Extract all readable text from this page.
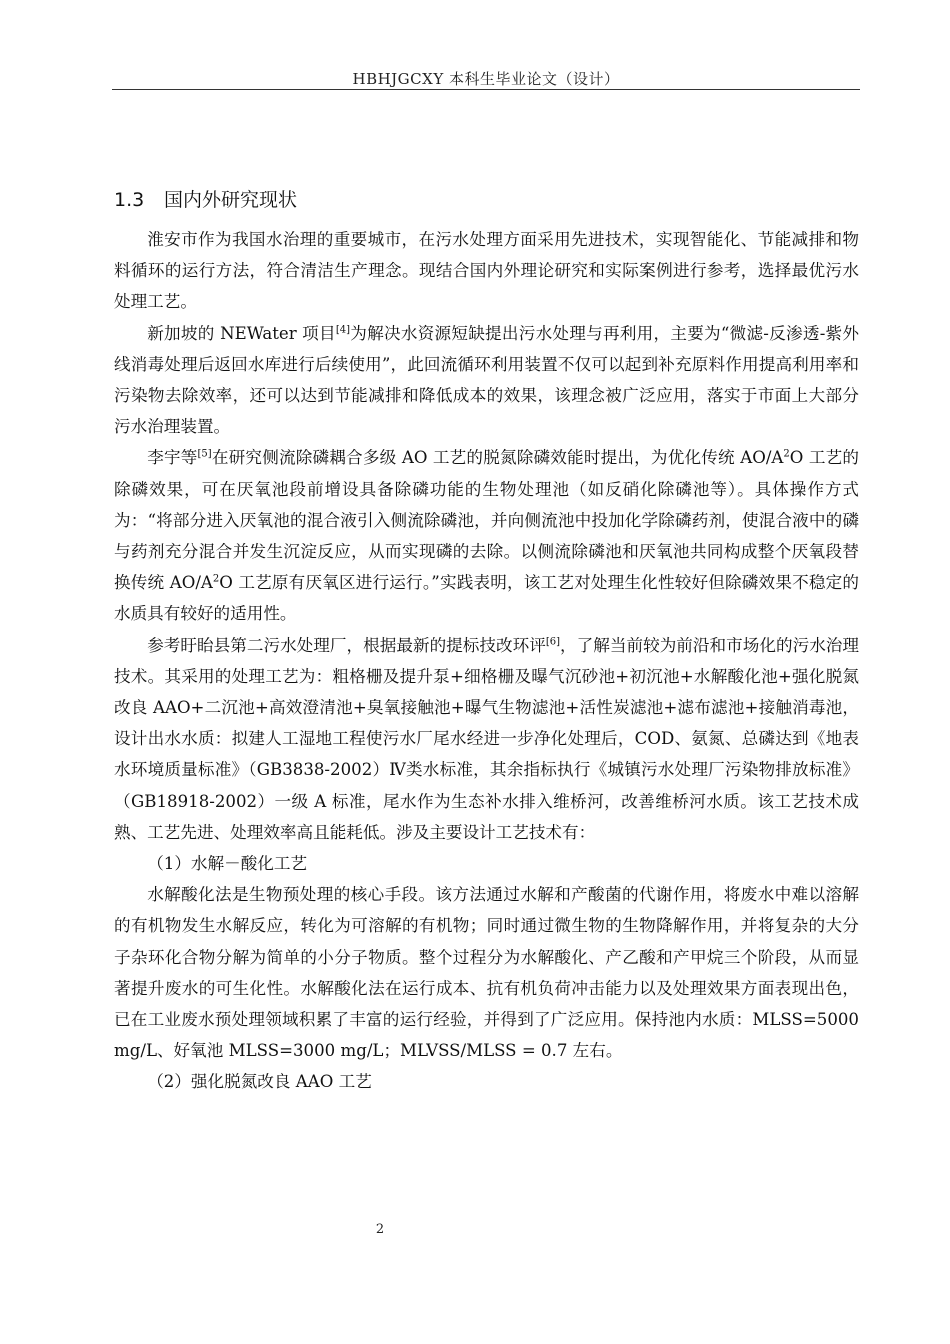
HBHJGCXY 本科生毕业论文（设计）
1.3 国内外研究现状

淮安市作为我国水治理的重要城市，在污水处理方面采用先进技术，实现智能化、节能减排和物料循环的运行方法，符合清洁生产理念。现结合国内外理论研究和实际案例进行参考，选择最优污水处理工艺。

新加坡的 NEWater 项目[4]为解决水资源短缺提出污水处理与再利用，主要为“微滤-反渗透-紫外线消毒处理后返回水库进行后续使用”，此回流循环利用装置不仅可以起到补充原料作用提高利用率和污染物去除效率，还可以达到节能减排和降低成本的效果，该理念被广泛应用，落实于市面上大部分污水治理装置。

李宇等[5]在研究侧流除磷耦合多级 AO 工艺的脱氮除磷效能时提出，为优化传统 $AO/A^2O$ 工艺的除磷效果，可在厌氧池段前增设具备除磷功能的生物处理池（如反硝化除磷池等）。具体操作方式为：“将部分进入厌氧池的混合液引入侧流除磷池，并向侧流池中投加化学除磷药剂，使混合液中的磷与药剂充分混合并发生沉淀反应，从而实现磷的去除。以侧流除磷池和厌氧池共同构成整个厌氧段替换传统 $AO/A^2O$ 工艺原有厌氧区进行运行。”实践表明，该工艺对处理生化性较好但除磷效果不稳定的水质具有较好的适用性。

参考盱眙县第二污水处理厂，根据最新的提标技改环评[6]，了解当前较为前沿和市场化的污水治理技术。其采用的处理工艺为：粗格栅及提升泵+细格栅及曝气沉砂池+初沉池+水解酸化池+强化脱氮改良 AAO+二沉池+高效澄清池+臭氧接触池+曝气生物滤池+活性炭滤池+滤布滤池+接触消毒池，设计出水水质：拟建人工湿地工程使污水厂尾水经进一步净化处理后，COD、氨氮、总磷达到《地表水环境质量标准》（GB3838-2002）Ⅳ类水标准，其余指标执行《城镇污水处理厂污染物排放标准》（GB18918-2002）一级 A 标准，尾水作为生态补水排入维桥河，改善维桥河水质。该工艺技术成熟、工艺先进、处理效率高且能耗低。涉及主要设计工艺技术有：

（1）水解－酸化工艺

水解酸化法是生物预处理的核心手段。该方法通过水解和产酸菌的代谢作用，将废水中难以溶解的有机物发生水解反应，转化为可溶解的有机物；同时通过微生物的生物降解作用，并将复杂的大分子杂环化合物分解为简单的小分子物质。整个过程分为水解酸化、产乙酸和产甲烷三个阶段，从而显著提升废水的可生化性。水解酸化法在运行成本、抗有机负荷冲击能力以及处理效果方面表现出色，已在工业废水预处理领域积累了丰富的运行经验，并得到了广泛应用。保持池内水质：MLSS=5000 mg/L、好氧池 MLSS=3000 mg/L；MLVSS/MLSS = 0.7 左右。

（2）强化脱氮改良 AAO 工艺

2
